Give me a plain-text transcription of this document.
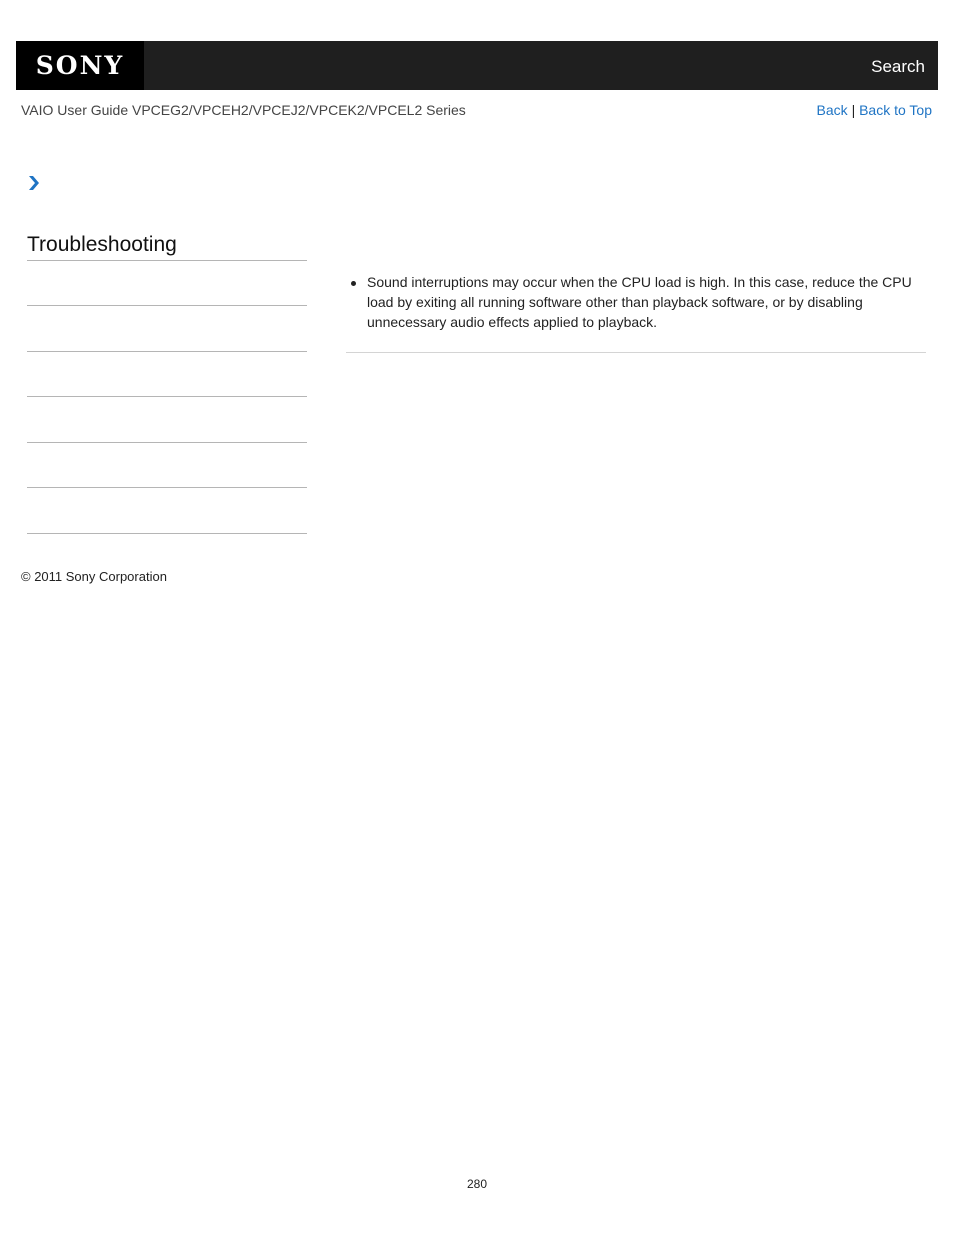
SONY	Search
VAIO User Guide VPCEG2/VPCEH2/VPCEJ2/VPCEK2/VPCEL2 Series	Back | Back to Top
Troubleshooting
Sound interruptions may occur when the CPU load is high. In this case, reduce the CPU load by exiting all running software other than playback software, or by disabling unnecessary audio effects applied to playback.
© 2011 Sony Corporation
280
